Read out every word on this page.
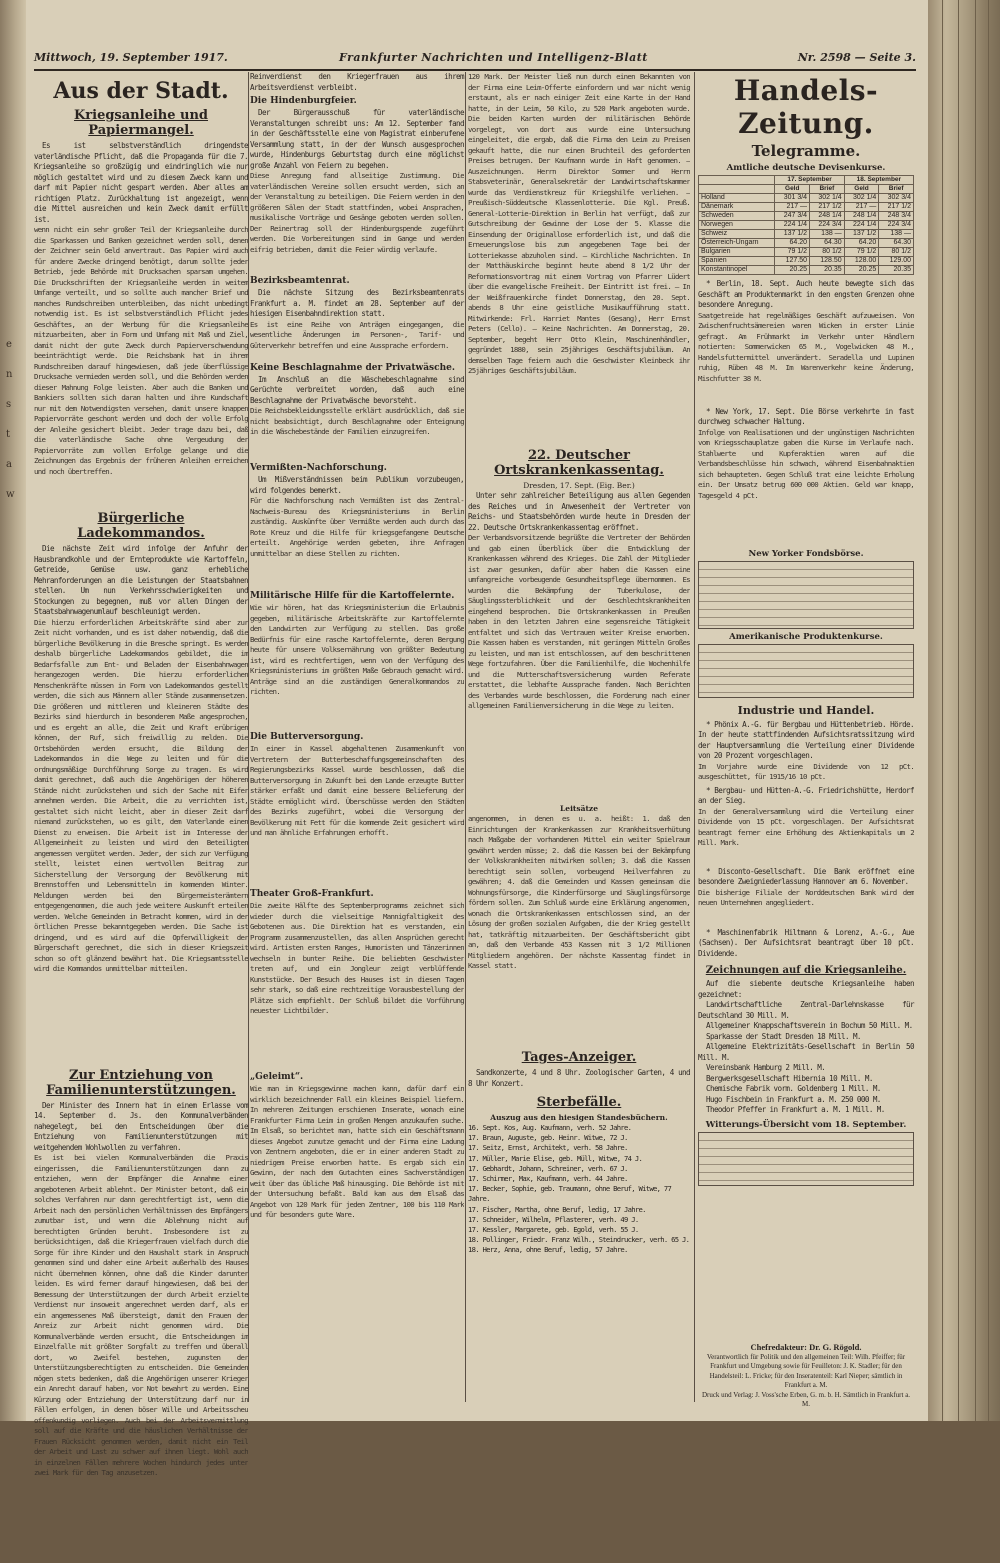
e
n
s
t
a
w
Mittwoch, 19. September 1917.	Frankfurter Nachrichten und Intelligenz-Blatt	Nr. 2598 — Seite 3.
Aus der Stadt.
Kriegsanleihe und Papiermangel.

Es ist selbstverständlich dringendste vaterländische Pflicht, daß die Propaganda für die 7. Kriegsanleihe so großzügig und eindringlich wie nur möglich gestaltet wird und zu diesem Zweck kann und darf mit Papier nicht gespart werden. Aber alles am richtigen Platz. Zurückhaltung ist angezeigt, wenn die Mittel ausreichen und kein Zweck damit erfüllt ist.

wenn nicht ein sehr großer Teil der Kriegsanleihe durch die Sparkassen und Banken gezeichnet werden soll, denen der Zeichner sein Geld anvertraut. Das Papier wird auch für andere Zwecke dringend benötigt, darum sollte jeder Betrieb, jede Behörde mit Drucksachen sparsam umgehen. Die Druckschriften der Kriegsanleihe werden in weitem Umfange verteilt, und so sollte auch mancher Brief und manches Rundschreiben unterbleiben, das nicht unbedingt notwendig ist. Es ist selbstverständlich Pflicht jedes Geschäftes, an der Werbung für die Kriegsanleihe mitzuarbeiten, aber in Form und Umfang mit Maß und Ziel, damit nicht der gute Zweck durch Papierverschwendung beeinträchtigt werde. Die Reichsbank hat in ihrem Rundschreiben darauf hingewiesen, daß jede überflüssige Drucksache vermieden werden soll, und die Behörden werden dieser Mahnung Folge leisten. Aber auch die Banken und Bankiers sollten sich daran halten und ihre Kundschaft nur mit dem Notwendigsten versehen, damit unsere knappen Papiervorräte geschont werden und doch der volle Erfolg der Anleihe gesichert bleibt. Jeder trage dazu bei, daß die vaterländische Sache ohne Vergeudung der Papiervorräte zum vollen Erfolge gelange und die Zeichnungen das Ergebnis der früheren Anleihen erreichen und noch übertreffen.
Bürgerliche Ladekommandos.

Die nächste Zeit wird infolge der Anfuhr der Hausbrandkohle und der Ernteprodukte wie Kartoffeln, Getreide, Gemüse usw. ganz erhebliche Mehranforderungen an die Leistungen der Staatsbahnen stellen. Um nun Verkehrsschwierigkeiten und Stockungen zu begegnen, muß vor allen Dingen der Staatsbahnwagenumlauf beschleunigt werden.

Die hierzu erforderlichen Arbeitskräfte sind aber zur Zeit nicht vorhanden, und es ist daher notwendig, daß die bürgerliche Bevölkerung in die Bresche springt. Es werden deshalb bürgerliche Ladekommandos gebildet, die im Bedarfsfalle zum Ent- und Beladen der Eisenbahnwagen herangezogen werden. Die hierzu erforderlichen Menschenkräfte müssen in Form von Ladekommandos gestellt werden, die sich aus Männern aller Stände zusammensetzen. Die größeren und mittleren und kleineren Städte des Bezirks sind hierdurch in besonderem Maße angesprochen, und es ergeht an alle, die Zeit und Kraft erübrigen können, der Ruf, sich freiwillig zu melden. Die Ortsbehörden werden ersucht, die Bildung der Ladekommandos in die Wege zu leiten und für die ordnungsmäßige Durchführung Sorge zu tragen. Es wird damit gerechnet, daß auch die Angehörigen der höheren Stände nicht zurückstehen und sich der Sache mit Eifer annehmen werden. Die Arbeit, die zu verrichten ist, gestaltet sich nicht leicht, aber in dieser Zeit darf niemand zurückstehen, wo es gilt, dem Vaterlande einen Dienst zu erweisen. Die Arbeit ist im Interesse der Allgemeinheit zu leisten und wird den Beteiligten angemessen vergütet werden. Jeder, der sich zur Verfügung stellt, leistet einen wertvollen Beitrag zur Sicherstellung der Versorgung der Bevölkerung mit Brennstoffen und Lebensmitteln im kommenden Winter. Meldungen werden bei den Bürgermeisterämtern entgegengenommen, die auch jede weitere Auskunft erteilen werden. Welche Gemeinden in Betracht kommen, wird in der örtlichen Presse bekanntgegeben werden. Die Sache ist dringend, und es wird auf die Opferwilligkeit der Bürgerschaft gerechnet, die sich in dieser Kriegszeit schon so oft glänzend bewährt hat. Die Kriegsamtsstelle wird die Kommandos unmittelbar mitteilen.
Zur Entziehung von Familienunterstützungen.

Der Minister des Innern hat in einem Erlasse vom 14. September d. Js. den Kommunalverbänden nahegelegt, bei den Entscheidungen über die Entziehung von Familienunterstützungen mit weitgehendem Wohlwollen zu verfahren.

Es ist bei vielen Kommunalverbänden die Praxis eingerissen, die Familienunterstützungen dann zu entziehen, wenn der Empfänger die Annahme einer angebotenen Arbeit ablehnt. Der Minister betont, daß ein solches Verfahren nur dann gerechtfertigt ist, wenn die Arbeit nach den persönlichen Verhältnissen des Empfängers zumutbar ist, und wenn die Ablehnung nicht auf berechtigten Gründen beruht. Insbesondere ist zu berücksichtigen, daß die Kriegerfrauen vielfach durch die Sorge für ihre Kinder und den Haushalt stark in Anspruch genommen sind und daher eine Arbeit außerhalb des Hauses nicht übernehmen können, ohne daß die Kinder darunter leiden. Es wird ferner darauf hingewiesen, daß bei der Bemessung der Unterstützungen der durch Arbeit erzielte Verdienst nur insoweit angerechnet werden darf, als er ein angemessenes Maß übersteigt, damit den Frauen der Anreiz zur Arbeit nicht genommen wird. Die Kommunalverbände werden ersucht, die Entscheidungen im Einzelfalle mit größter Sorgfalt zu treffen und überall dort, wo Zweifel bestehen, zugunsten der Unterstützungsberechtigten zu entscheiden. Die Gemeinden mögen stets bedenken, daß die Angehörigen unserer Krieger ein Anrecht darauf haben, vor Not bewahrt zu werden. Eine Kürzung oder Entziehung der Unterstützung darf nur in Fällen erfolgen, in denen böser Wille und Arbeitsscheu offenkundig vorliegen. Auch bei der Arbeitsvermittlung soll auf die Kräfte und die häuslichen Verhältnisse der Frauen Rücksicht genommen werden, damit nicht ein Teil der Arbeit und Last zu schwer auf ihnen liegt. Wohl auch in einzelnen Fällen mehrere Wochen hindurch jedes unter zwei Mark für den Tag anzusetzen.

Reinverdienst den Kriegerfrauen aus ihrem Arbeitsverdienst verbleibt.

Die Hindenburgfeier.

Der Bürgerausschuß für vaterländische Veranstaltungen schreibt uns: Am 12. September fand in der Geschäftsstelle eine vom Magistrat einberufene Versammlung statt, in der der Wunsch ausgesprochen wurde, Hindenburgs Geburtstag durch eine möglichst große Anzahl von Feiern zu begehen.

Diese Anregung fand allseitige Zustimmung. Die vaterländischen Vereine sollen ersucht werden, sich an der Veranstaltung zu beteiligen. Die Feiern werden in den größeren Sälen der Stadt stattfinden, wobei Ansprachen, musikalische Vorträge und Gesänge geboten werden sollen. Der Reinertrag soll der Hindenburgspende zugeführt werden. Die Vorbereitungen sind im Gange und werden eifrig betrieben, damit die Feier würdig verlaufe.
Bezirksbeamtenrat.

Die nächste Sitzung des Bezirksbeamtenrats Frankfurt a. M. findet am 28. September auf der hiesigen Eisenbahndirektion statt.

Es ist eine Reihe von Anträgen eingegangen, die wesentliche Änderungen im Personen-, Tarif- und Güterverkehr betreffen und eine Aussprache erfordern.
Keine Beschlagnahme der Privatwäsche.

Im Anschluß an die Wäschebeschlagnahme sind Gerüchte verbreitet worden, daß auch eine Beschlagnahme der Privatwäsche bevorsteht.

Die Reichsbekleidungsstelle erklärt ausdrücklich, daß sie nicht beabsichtigt, durch Beschlagnahme oder Enteignung in die Wäschebestände der Familien einzugreifen.
Vermißten-Nachforschung.

Um Mißverständnissen beim Publikum vorzubeugen, wird folgendes bemerkt.

Für die Nachforschung nach Vermißten ist das Zentral-Nachweis-Bureau des Kriegsministeriums in Berlin zuständig. Auskünfte über Vermißte werden auch durch das Rote Kreuz und die Hilfe für kriegsgefangene Deutsche erteilt. Angehörige werden gebeten, ihre Anfragen unmittelbar an diese Stellen zu richten.
Militärische Hilfe für die Kartoffelernte.
Wie wir hören, hat das Kriegsministerium die Erlaubnis gegeben, militärische Arbeitskräfte zur Kartoffelernte den Landwirten zur Verfügung zu stellen. Das große Bedürfnis für eine rasche Kartoffelernte, deren Bergung heute für unsere Volksernährung von größter Bedeutung ist, wird es rechtfertigen, wenn von der Verfügung des Kriegsministeriums im größten Maße Gebrauch gemacht wird. Anträge sind an die zuständigen Generalkommandos zu richten.
Die Butterversorgung.
In einer in Kassel abgehaltenen Zusammenkunft von Vertretern der Butterbeschaffungsgemeinschaften des Regierungsbezirks Kassel wurde beschlossen, daß die Butterversorgung in Zukunft bei dem Lande erzeugte Butter stärker erfaßt und damit eine bessere Belieferung der Städte ermöglicht wird. Überschüsse werden den Städten des Bezirks zugeführt, wobei die Versorgung der Bevölkerung mit Fett für die kommende Zeit gesichert wird und man ähnliche Erfahrungen erhofft.
Theater Groß-Frankfurt.
Die zweite Hälfte des Septemberprogramms zeichnet sich wieder durch die vielseitige Mannigfaltigkeit des Gebotenen aus. Die Direktion hat es verstanden, ein Programm zusammenzustellen, das allen Ansprüchen gerecht wird. Artisten ersten Ranges, Humoristen und Tänzerinnen wechseln in bunter Reihe. Die beliebten Geschwister treten auf, und ein Jongleur zeigt verblüffende Kunststücke. Der Besuch des Hauses ist in diesen Tagen sehr stark, so daß eine rechtzeitige Vorausbestellung der Plätze sich empfiehlt. Der Schluß bildet die Vorführung neuester Lichtbilder.
„Geleimt“.
Wie man im Kriegsgewinne machen kann, dafür darf ein wirklich bezeichnender Fall ein kleines Beispiel liefern. In mehreren Zeitungen erschienen Inserate, wonach eine Frankfurter Firma Leim in großen Mengen anzukaufen suche. Im Elsaß, so berichtet man, hatte sich ein Geschäftsmann dieses Angebot zunutze gemacht und der Firma eine Ladung von Zentnern angeboten, die er in einer anderen Stadt zu niedrigem Preise erworben hatte. Es ergab sich ein Gewinn, der nach dem Gutachten eines Sachverständigen weit über das übliche Maß hinausging. Die Behörde ist mit der Untersuchung befaßt. Bald kam aus dem Elsaß das Angebot von 120 Mark für jeden Zentner, 100 bis 110 Mark und für besonders gute Ware.
120 Mark. Der Meister ließ nun durch einen Bekannten von der Firma eine Leim-Offerte einfordern und war nicht wenig erstaunt, als er nach einiger Zeit eine Karte in der Hand hatte, in der Leim, 50 Kilo, zu 520 Mark angeboten wurde. Die beiden Karten wurden der militärischen Behörde vorgelegt, von dort aus wurde eine Untersuchung eingeleitet, die ergab, daß die Firma den Leim zu Preisen gekauft hatte, die nur einen Bruchteil des geforderten Preises betrugen. Der Kaufmann wurde in Haft genommen. — Auszeichnungen. Herrn Direktor Sommer und Herrn Stabsveterinär, Generalsekretär der Landwirtschaftskammer wurde das Verdienstkreuz für Kriegshilfe verliehen. — Preußisch-Süddeutsche Klassenlotterie. Die Kgl. Preuß. General-Lotterie-Direktion in Berlin hat verfügt, daß zur Gutschreibung der Gewinne der Lose der 5. Klasse die Einsendung der Originallose erforderlich ist, und daß die Erneuerungslose bis zum angegebenen Tage bei der Lotteriekasse abzuholen sind. — Kirchliche Nachrichten. In der Matthäuskirche beginnt heute abend 8 1/2 Uhr der Reformationsvortrag mit einem Vortrag von Pfarrer Lüdert über die evangelische Freiheit. Der Eintritt ist frei. — In der Weißfrauenkirche findet Donnerstag, den 20. Sept. abends 8 Uhr eine geistliche Musikaufführung statt. Mitwirkende: Frl. Harriet Mantes (Gesang), Herr Ernst Peters (Cello). — Keine Nachrichten. Am Donnerstag, 20. September, begeht Herr Otto Klein, Maschinenhändler, gegründet 1880, sein 25jähriges Geschäftsjubiläum. An demselben Tage feiern auch die Geschwister Kleinbeck ihr 25jähriges Geschäftsjubiläum.
22. Deutscher Ortskrankenkassentag.
Dresden, 17. Sept. (Eig. Ber.)

Unter sehr zahlreicher Beteiligung aus allen Gegenden des Reiches und in Anwesenheit der Vertreter von Reichs- und Staatsbehörden wurde heute in Dresden der 22. Deutsche Ortskrankenkassentag eröffnet.

Der Verbandsvorsitzende begrüßte die Vertreter der Behörden und gab einen Überblick über die Entwicklung der Krankenkassen während des Krieges. Die Zahl der Mitglieder ist zwar gesunken, dafür aber haben die Kassen eine umfangreiche vorbeugende Gesundheitspflege übernommen. Es wurden die Bekämpfung der Tuberkulose, der Säuglingssterblichkeit und der Geschlechtskrankheiten eingehend besprochen. Die Ortskrankenkassen in Preußen haben in den letzten Jahren eine segensreiche Tätigkeit entfaltet und sich das Vertrauen weiter Kreise erworben. Die Kassen haben es verstanden, mit geringen Mitteln Großes zu leisten, und man ist entschlossen, auf dem beschrittenen Wege fortzufahren. Über die Familienhilfe, die Wochenhilfe und die Mutterschaftsversicherung wurden Referate erstattet, die lebhafte Aussprache fanden. Nach Berichten des Verbandes wurde beschlossen, die Forderung nach einer allgemeinen Familienversicherung in die Wege zu leiten.
Leitsätze
angenommen, in denen es u. a. heißt: 1. daß den Einrichtungen der Krankenkassen zur Krankheitsverhütung nach Maßgabe der vorhandenen Mittel ein weiter Spielraum gewährt werden müsse; 2. daß die Kassen bei der Bekämpfung der Volkskrankheiten mitwirken sollen; 3. daß die Kassen berechtigt sein sollen, vorbeugend Heilverfahren zu gewähren; 4. daß die Gemeinden und Kassen gemeinsam die Wohnungsfürsorge, die Kinderfürsorge und Säuglingsfürsorge fördern sollen. Zum Schluß wurde eine Erklärung angenommen, wonach die Ortskrankenkassen entschlossen sind, an der Lösung der großen sozialen Aufgaben, die der Krieg gestellt hat, tatkräftig mitzuarbeiten. Der Geschäftsbericht gibt an, daß dem Verbande 453 Kassen mit 3 1/2 Millionen Mitgliedern angehören. Der nächste Kassentag findet in Kassel statt.
Tages-Anzeiger.

Sandkonzerte, 4 und 8 Uhr. Zoologischer Garten, 4 und 8 Uhr Konzert.

Sterbefälle.
Auszug aus den hiesigen Standesbüchern.
16. Sept. Kos, Aug. Kaufmann, verh. 52 Jahre.
17. Braun, Auguste, geb. Heinr. Witwe, 72 J.
17. Seitz, Ernst, Architekt, verh. 58 Jahre.
17. Müller, Marie Elise, geb. Müll, Witwe, 74 J.
17. Gebhardt, Johann, Schreiner, verh. 67 J.
17. Schirmer, Max, Kaufmann, verh. 44 Jahre.
17. Becker, Sophie, geb. Traumann, ohne Beruf, Witwe, 77 Jahre.
17. Fischer, Martha, ohne Beruf, ledig, 17 Jahre.
17. Schneider, Wilhelm, Pflasterer, verh. 49 J.
17. Kessler, Margarete, geb. Egold, verh. 55 J.
18. Pollinger, Friedr. Franz Wilh., Steindrucker, verh. 65 J.
18. Herz, Anna, ohne Beruf, ledig, 57 Jahre.
Handels-Zeitung.
Telegramme.
Amtliche deutsche Devisenkurse.
	17. September		18. September	
	Geld	Brief	Geld	Brief
Holland	301 3/4	302 1/4	302 1/4	302 3/4
Dänemark	217 —	217 1/2	217 —	217 1/2
Schweden	247 3/4	248 1/4	248 1/4	248 3/4
Norwegen	224 1/4	224 3/4	224 1/4	224 3/4
Schweiz	137 1/2	138 —	137 1/2	138 —
Österreich-Ungarn	64.20	64.30	64.20	64.30
Bulgarien	79 1/2	80 1/2	79 1/2	80 1/2
Spanien	127.50	128.50	128.00	129.00
Konstantinopel	20.25	20.35	20.25	20.35

* Berlin, 18. Sept. Auch heute bewegte sich das Geschäft am Produktenmarkt in den engsten Grenzen ohne besondere Anregung.

Saatgetreide hat regelmäßiges Geschäft aufzuweisen. Von Zwischenfruchtsämereien waren Wicken in erster Linie gefragt. Am Frühmarkt im Verkehr unter Händlern notierten: Sommerwicken 65 M., Vogelwicken 48 M., Handelsfuttermittel unverändert. Seradella und Lupinen ruhig, Rüben 48 M. Im Warenverkehr keine Änderung, Mischfutter 38 M.

* New York, 17. Sept. Die Börse verkehrte in fast durchweg schwacher Haltung.

Infolge von Realisationen und der ungünstigen Nachrichten vom Kriegsschauplatze gaben die Kurse im Verlaufe nach. Stahlwerte und Kupferaktien waren auf die Verbandsbeschlüsse hin schwach, während Eisenbahnaktien sich behaupteten. Gegen Schluß trat eine leichte Erholung ein. Der Umsatz betrug 600 000 Aktien. Geld war knapp, Tagesgeld 4 pCt.
New Yorker Fondsbörse.
Amerikanische Produktenkurse.
Industrie und Handel.

* Phönix A.-G. für Bergbau und Hüttenbetrieb. Hörde. In der heute stattfindenden Aufsichtsratssitzung wird der Hauptversammlung die Verteilung einer Dividende von 20 Prozent vorgeschlagen.

Im Vorjahre wurde eine Dividende von 12 pCt. ausgeschüttet, für 1915/16 10 pCt.

* Bergbau- und Hütten-A.-G. Friedrichshütte, Herdorf an der Sieg.

In der Generalversammlung wird die Verteilung einer Dividende von 15 pCt. vorgeschlagen. Der Aufsichtsrat beantragt ferner eine Erhöhung des Aktienkapitals um 2 Mill. Mark.

* Disconto-Gesellschaft. Die Bank eröffnet eine besondere Zweigniederlassung Hannover am 6. November.

Die bisherige Filiale der Norddeutschen Bank wird dem neuen Unternehmen angegliedert.

* Maschinenfabrik Hiltmann & Lorenz, A.-G., Aue (Sachsen). Der Aufsichtsrat beantragt über 10 pCt. Dividende.

Zeichnungen auf die Kriegsanleihe.

Auf die siebente deutsche Kriegsanleihe haben gezeichnet:

Landwirtschaftliche Zentral-Darlehnskasse für Deutschland 30 Mill. M.

Allgemeiner Knappschaftsverein in Bochum 50 Mill. M.

Sparkasse der Stadt Dresden 18 Mill. M.

Allgemeine Elektrizitäts-Gesellschaft in Berlin 50 Mill. M.

Vereinsbank Hamburg 2 Mill. M.

Bergwerksgesellschaft Hibernia 10 Mill. M.

Chemische Fabrik vorm. Goldenberg 1 Mill. M.

Hugo Fischbein in Frankfurt a. M. 250 000 M.

Theodor Pfeffer in Frankfurt a. M. 1 Mill. M.

Witterungs-Übersicht vom 18. September.
Chefredakteur: Dr. G. Rögold.
Verantwortlich für Politik und den allgemeinen Teil: Wilh. Pfeiffer; für Frankfurt und Umgebung sowie für Feuilleton: J. K. Stadler; für den Handelsteil: L. Fricke; für den Inseratenteil: Karl Nieper; sämtlich in Frankfurt a. M.
Druck und Verlag: J. Voss'sche Erben, G. m. b. H. Sämtlich in Frankfurt a. M.
